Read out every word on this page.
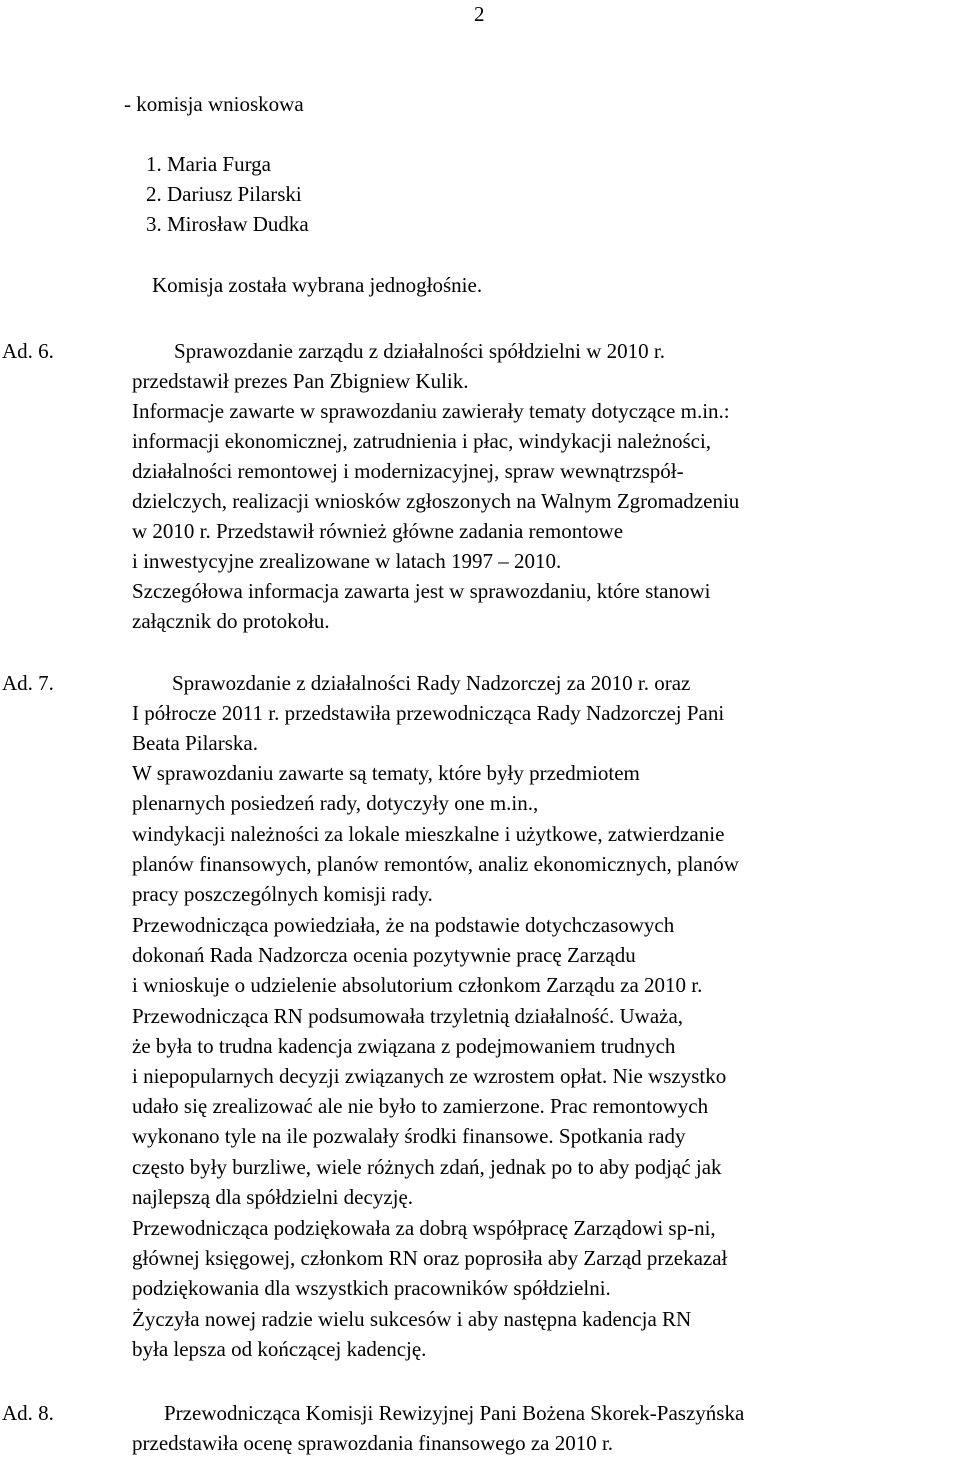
2
- komisja wnioskowa
1. Maria Furga
2. Dariusz Pilarski
3. Mirosław Dudka
Komisja została wybrana jednogłośnie.
Ad. 6.	Sprawozdanie zarządu z działalności spółdzielni w 2010 r.
przedstawił prezes Pan Zbigniew Kulik.
Informacje zawarte w sprawozdaniu zawierały tematy dotyczące m.in.:
informacji ekonomicznej, zatrudnienia i płac, windykacji należności,
działalności remontowej i modernizacyjnej, spraw wewnątrzspół-
dzielczych, realizacji wniosków zgłoszonych na Walnym Zgromadzeniu
w 2010 r. Przedstawił również główne zadania remontowe
i inwestycyjne zrealizowane w latach 1997 – 2010.
Szczegółowa informacja zawarta jest w sprawozdaniu, które stanowi
załącznik do protokołu.
Ad. 7.	Sprawozdanie z działalności Rady Nadzorczej za 2010 r. oraz
I półrocze 2011 r. przedstawiła przewodnicząca Rady Nadzorczej Pani
Beata Pilarska.
W sprawozdaniu zawarte są tematy, które były przedmiotem
plenarnych posiedzeń rady, dotyczyły one m.in.,
windykacji należności za lokale mieszkalne i użytkowe, zatwierdzanie
planów finansowych, planów remontów, analiz ekonomicznych, planów
pracy poszczególnych komisji rady.
Przewodnicząca powiedziała, że na podstawie dotychczasowych
dokonań Rada Nadzorcza ocenia pozytywnie pracę Zarządu
i wnioskuje o udzielenie absolutorium członkom Zarządu za 2010 r.
Przewodnicząca RN podsumowała trzyletnią działalność. Uważa,
że była to trudna kadencja związana z podejmowaniem trudnych
i niepopularnych decyzji związanych ze wzrostem opłat. Nie wszystko
udało się zrealizować ale nie było to zamierzone. Prac remontowych
wykonano tyle na ile pozwalały środki finansowe. Spotkania rady
często były burzliwe, wiele różnych zdań, jednak po to aby podjąć jak
najlepszą dla spółdzielni decyzję.
Przewodnicząca podziękowała za dobrą współpracę Zarządowi sp-ni,
głównej księgowej, członkom RN oraz poprosiła aby Zarząd przekazał
podziękowania dla wszystkich pracowników spółdzielni.
Życzyła nowej radzie wielu sukcesów i aby następna kadencja RN
była lepsza od kończącej kadencję.
Ad. 8.	Przewodnicząca Komisji Rewizyjnej Pani Bożena Skorek-Paszyńska
przedstawiła ocenę sprawozdania finansowego za 2010 r.
